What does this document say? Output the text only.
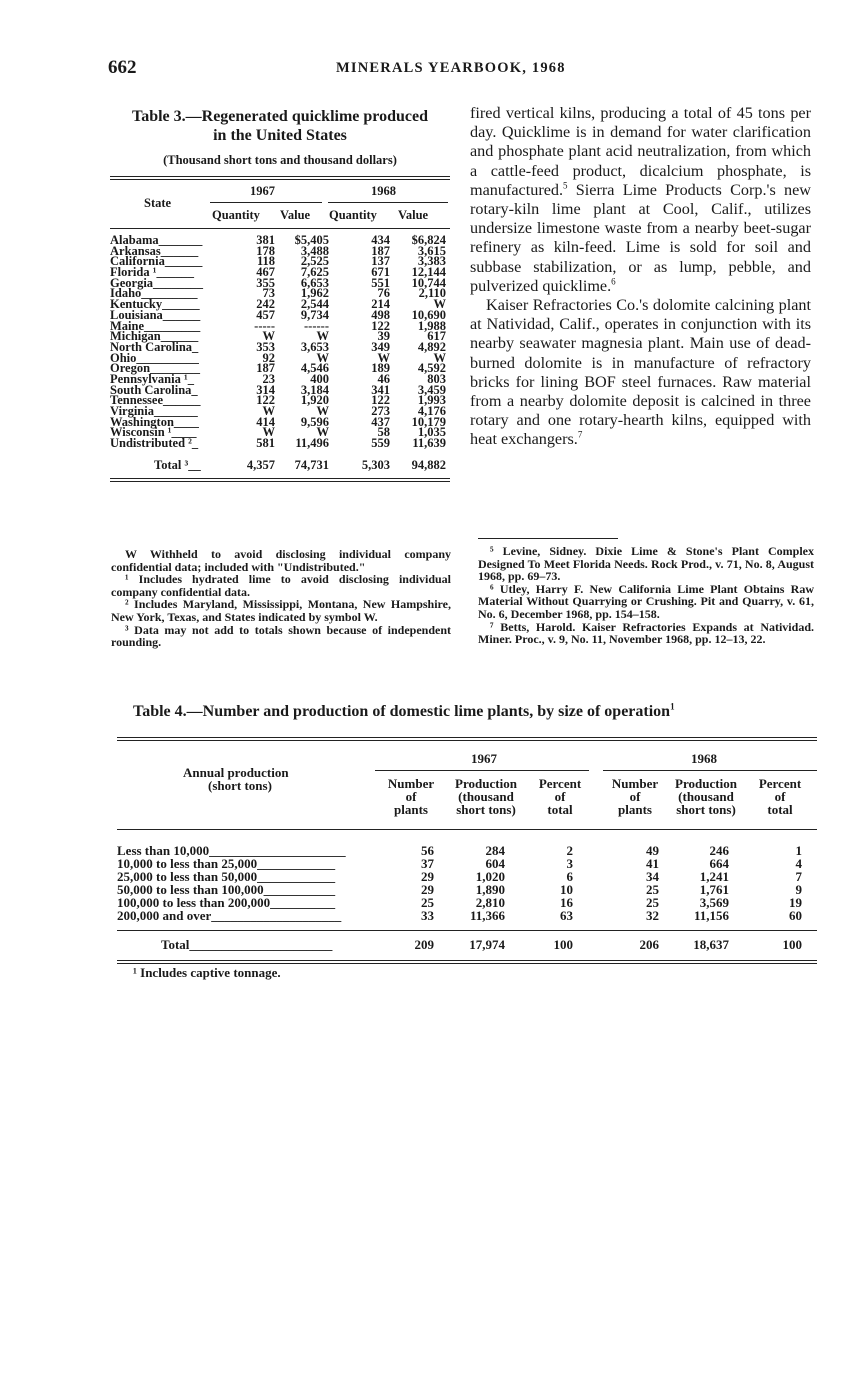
662	MINERALS YEARBOOK, 1968
Table 3.—Regenerated quicklime produced
in the United States
(Thousand short tons and thousand dollars)
State
1967	1968
Quantity Value Quantity Value
Alabama_______	381 $5,405	434 $6,824
Arkansas______	178 3,488	187 3,615
California______	118 2,525	137 3,383
Florida ¹______	467 7,625	671 12,144
Georgia________	355 6,653	551 10,744
Idaho_________	73 1,962	76 2,110
Kentucky______	242 2,544	214	W
Louisiana______	457 9,734	498 10,690
Maine_________	----- ------	122 1,988
Michigan______	W	W	39	617
North Carolina_	353 3,653	349 4,892
Ohio__________	92	W	W	W
Oregon________	187 4,546	189 4,592
Pennsylvania ¹_	23	400	46	803
South Carolina_	314 3,184	341 3,459
Tennessee______	122 1,920	122 1,993
Virginia_______	W	W	273 4,176
Washington____	414 9,596	437 10,179
Wisconsin ¹____	W	W	58 1,035
Undistributed ²_	581 11,496	559 11,639
Total ³__	4,357 74,731	5,303 94,882

W Withheld to avoid disclosing individual company confidential data; included with "Undistributed."

¹ Includes hydrated lime to avoid disclosing individual company confidential data.

² Includes Maryland, Mississippi, Montana, New Hampshire, New York, Texas, and States indicated by symbol W.

³ Data may not add to totals shown because of independent rounding.

fired vertical kilns, producing a total of 45 tons per day. Quicklime is in demand for water clarification and phosphate plant acid neutralization, from which a cattle-feed product, dicalcium phosphate, is manufactured.$^5$ Sierra Lime Products Corp.'s new rotary-kiln lime plant at Cool, Calif., utilizes undersize limestone waste from a nearby beet-sugar refinery as kiln-feed. Lime is sold for soil and subbase stabilization, or as lump, pebble, and pulverized quicklime.$^6$

Kaiser Refractories Co.'s dolomite calcining plant at Natividad, Calif., operates in conjunction with its nearby seawater magnesia plant. Main use of dead-burned dolomite is in manufacture of refractory bricks for lining BOF steel furnaces. Raw material from a nearby dolomite deposit is calcined in three rotary and one rotary-hearth kilns, equipped with heat exchangers.$^7$

⁵ Levine, Sidney. Dixie Lime & Stone's Plant Complex Designed To Meet Florida Needs. Rock Prod., v. 71, No. 8, August 1968, pp. 69–73.

⁶ Utley, Harry F. New California Lime Plant Obtains Raw Material Without Quarrying or Crushing. Pit and Quarry, v. 61, No. 6, December 1968, pp. 154–158.

⁷ Betts, Harold. Kaiser Refractories Expands at Natividad. Miner. Proc., v. 9, No. 11, November 1968, pp. 12–13, 22.

Table 4.—Number and production of domestic lime plants, by size of operation$^1$
Annual production
(short tons)
1967	1968
Number
of
plants
Production
(thousand
short tons)
Percent
of
total
Number
of
plants
Production
(thousand
short tons)
Percent
of
total
Less than 10,000_____________________	56	284	2	49	246	1
10,000 to less than 25,000____________	37	604	3	41	664	4
25,000 to less than 50,000____________	29	1,020	6	34	1,241	7
50,000 to less than 100,000___________	29	1,890	10	25	1,761	9
100,000 to less than 200,000__________	25	2,810	16	25	3,569	19
200,000 and over____________________	33	11,366	63	32	11,156	60
Total______________________	209	17,974	100	206	18,637	100
¹ Includes captive tonnage.
